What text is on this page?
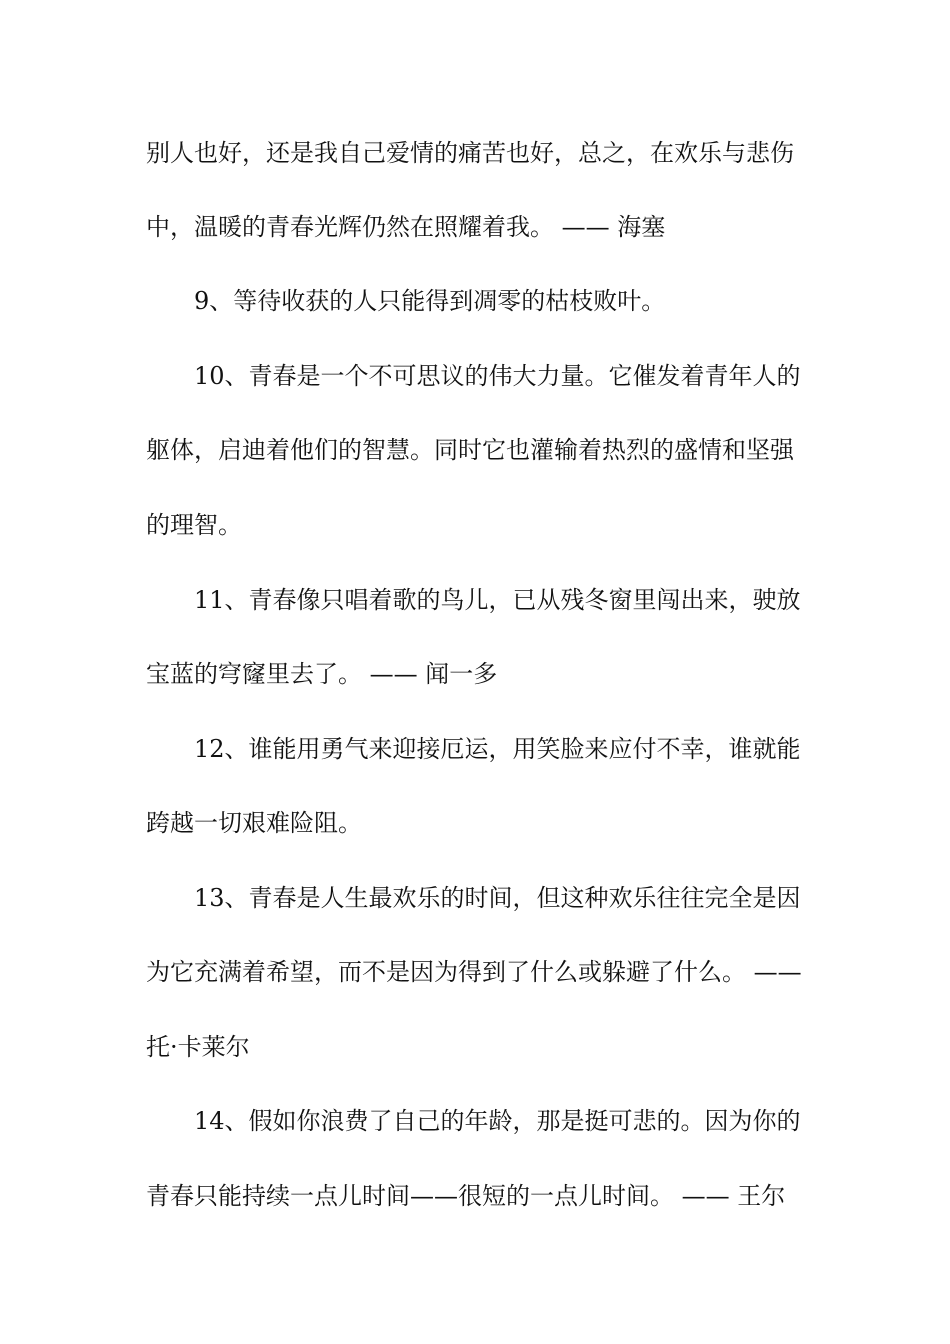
别人也好，还是我自己爱情的痛苦也好，总之，在欢乐与悲伤
中，温暖的青春光辉仍然在照耀着我。 —— 海塞
9、等待收获的人只能得到凋零的枯枝败叶。
10、青春是一个不可思议的伟大力量。它催发着青年人的
躯体，启迪着他们的智慧。同时它也灌输着热烈的盛情和坚强
的理智。
11、青春像只唱着歌的鸟儿，已从残冬窗里闯出来，驶放
宝蓝的穹窿里去了。 —— 闻一多
12、谁能用勇气来迎接厄运，用笑脸来应付不幸，谁就能
跨越一切艰难险阻。
13、青春是人生最欢乐的时间，但这种欢乐往往完全是因
为它充满着希望，而不是因为得到了什么或躲避了什么。 ——
托·卡莱尔
14、假如你浪费了自己的年龄，那是挺可悲的。因为你的
青春只能持续一点儿时间——很短的一点儿时间。 —— 王尔
